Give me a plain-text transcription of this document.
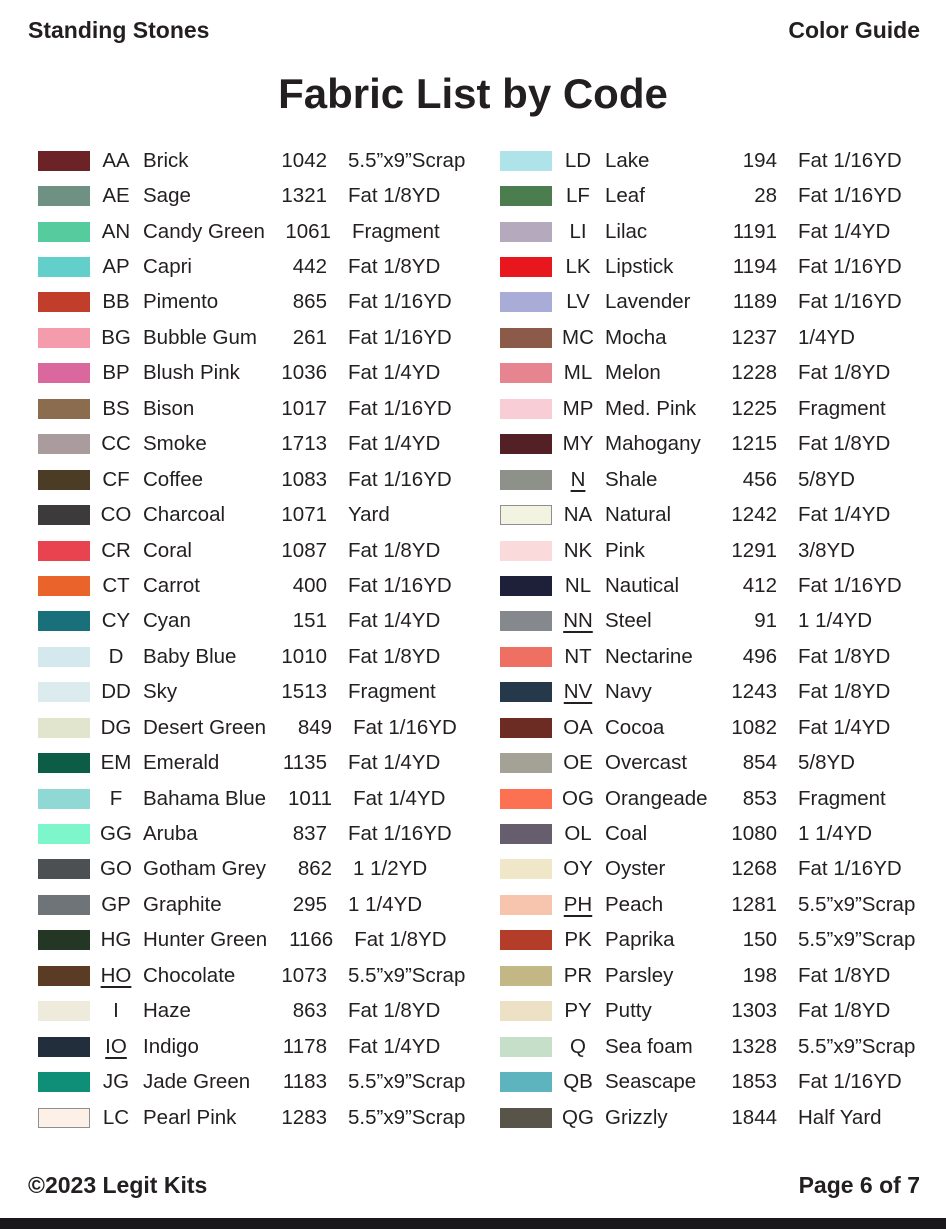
Standing Stones	Color Guide
Fabric List by Code
AA Brick	1042	5.5”x9”Scrap
AE Sage	1321	Fat 1/8YD
AN Candy Green 1061	Fragment
AP Capri	442	Fat 1/8YD
BB Pimento	865	Fat 1/16YD
BG Bubble Gum	261	Fat 1/16YD
BP Blush Pink	1036	Fat 1/4YD
BS Bison	1017	Fat 1/16YD
CC Smoke	1713	Fat 1/4YD
CF Coffee	1083	Fat 1/16YD
CO Charcoal	1071	Yard
CR Coral	1087	Fat 1/8YD
CT Carrot	400	Fat 1/16YD
CY Cyan	151	Fat 1/4YD
D Baby Blue	1010	Fat 1/8YD
DD Sky	1513	Fragment
DG Desert Green	849	Fat 1/16YD
EM Emerald	1135	Fat 1/4YD
F	Bahama Blue	1011	Fat 1/4YD
GG Aruba	837	Fat 1/16YD
GO Gotham Grey	862	1 1/2YD
GP Graphite	295	1 1/4YD
HG Hunter Green	1166	Fat 1/8YD
HO Chocolate	1073	5.5”x9”Scrap
I	Haze	863	Fat 1/8YD
IO Indigo	1178	Fat 1/4YD
JG Jade Green	1183	5.5”x9”Scrap
LC Pearl Pink	1283	5.5”x9”Scrap
LD Lake	194	Fat 1/16YD
LF Leaf	28	Fat 1/16YD
LI Lilac	1191	Fat 1/4YD
LK Lipstick	1194	Fat 1/16YD
LV Lavender	1189	Fat 1/16YD
MC Mocha	1237	1/4YD
ML Melon	1228	Fat 1/8YD
MP Med. Pink	1225	Fragment
MY Mahogany	1215	Fat 1/8YD
N Shale	456	5/8YD
NA Natural	1242	Fat 1/4YD
NK Pink	1291	3/8YD
NL Nautical	412	Fat 1/16YD
NN Steel	91	1 1/4YD
NT Nectarine	496	Fat 1/8YD
NV Navy	1243	Fat 1/8YD
OA Cocoa	1082	Fat 1/4YD
OE Overcast	854	5/8YD
OG Orangeade	853	Fragment
OL Coal	1080	1 1/4YD
OY Oyster	1268	Fat 1/16YD
PH Peach	1281	5.5”x9”Scrap
PK Paprika	150	5.5”x9”Scrap
PR Parsley	198	Fat 1/8YD
PY Putty	1303	Fat 1/8YD
Q Sea foam	1328	5.5”x9”Scrap
QB Seascape	1853	Fat 1/16YD
QG Grizzly	1844	Half Yard
©2023 Legit Kits	Page 6 of 7
